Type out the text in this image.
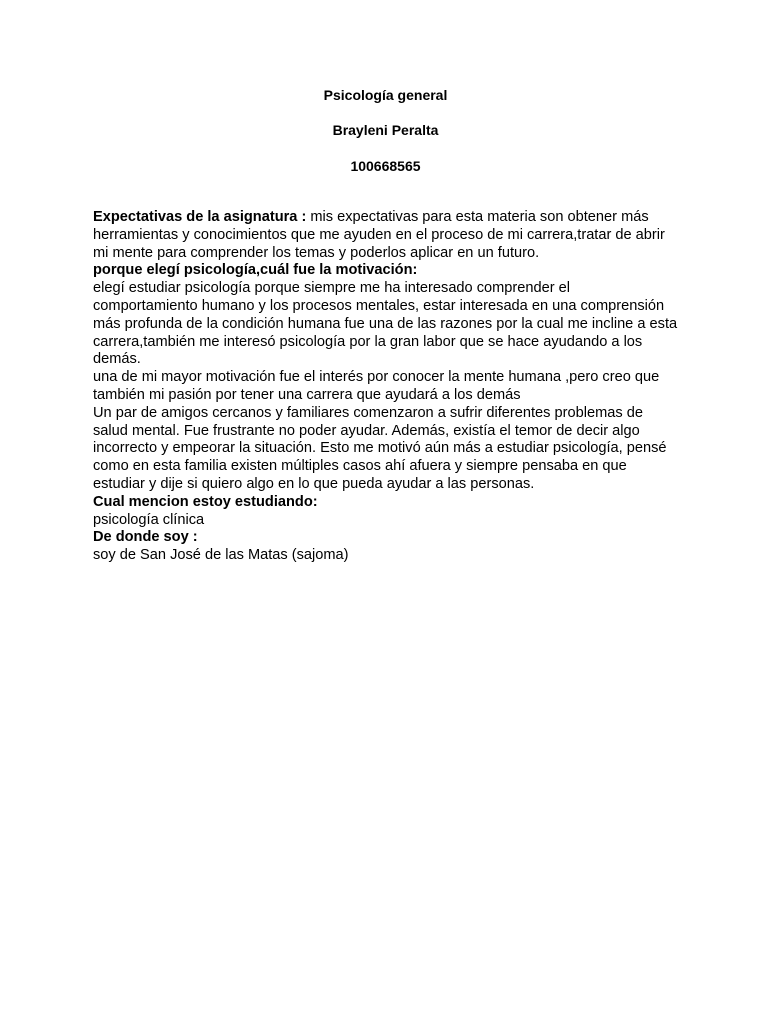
Psicología general
Brayleni Peralta
100668565

Expectativas de la asignatura : mis expectativas para esta materia son obtener más herramientas y conocimientos que me ayuden en el proceso de mi carrera,tratar de abrir mi mente para comprender los temas y poderlos aplicar en un futuro.

porque elegí psicología,cuál fue la motivación:

elegí estudiar psicología porque siempre me ha interesado comprender el comportamiento humano y los procesos mentales, estar interesada en una comprensión más profunda de la condición humana fue una de las razones por la cual me incline a esta carrera,también me interesó psicología por la gran labor que se hace ayudando a los demás.

una de mi mayor motivación fue el interés por conocer la mente humana ,pero creo que también mi pasión por tener una carrera que ayudará a los demás

Un par de amigos cercanos y familiares comenzaron a sufrir diferentes problemas de salud mental. Fue frustrante no poder ayudar. Además, existía el temor de decir algo incorrecto y empeorar la situación. Esto me motivó aún más a estudiar psicología, pensé como en esta familia existen múltiples casos ahí afuera y siempre pensaba en que estudiar y dije si quiero algo en lo que pueda ayudar a las personas.

Cual mencion estoy estudiando:

psicología clínica

De donde soy :

soy de San José de las Matas (sajoma)
